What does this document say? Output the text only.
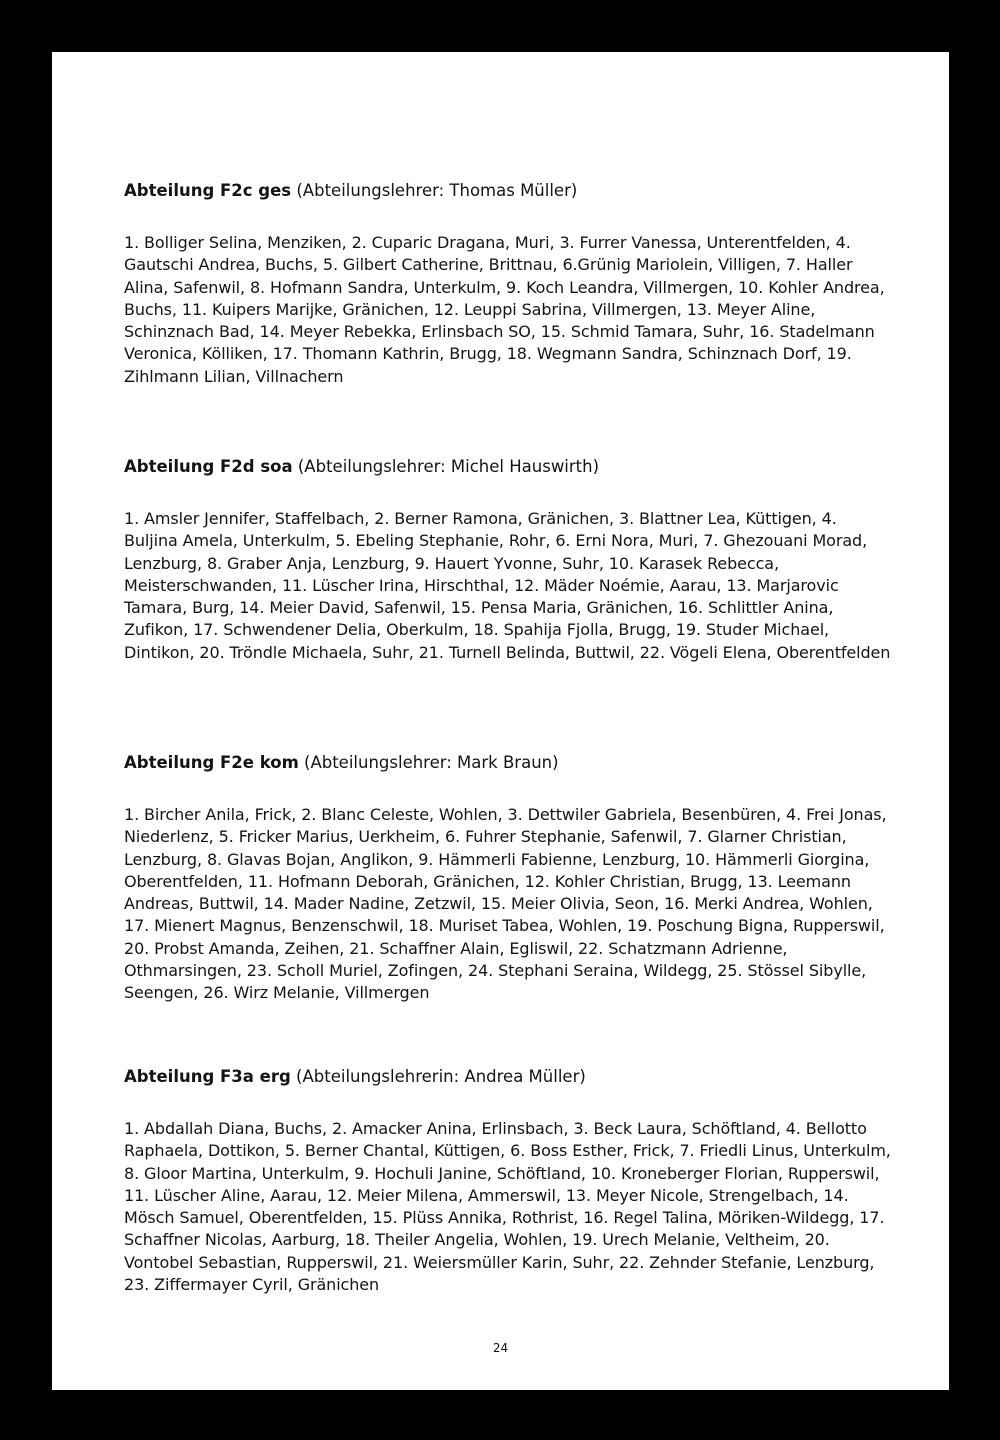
Abteilung F2c ges (Abteilungslehrer: Thomas Müller)

1. Bolliger Selina, Menziken, 2. Cuparic Dragana, Muri, 3. Furrer Vanessa, Unterentfelden, 4. Gautschi Andrea, Buchs, 5. Gilbert Catherine, Brittnau, 6.Grünig Mariolein, Villigen, 7. Haller Alina, Safenwil, 8. Hofmann Sandra, Unterkulm, 9. Koch Leandra, Villmergen, 10. Kohler Andrea, Buchs, 11. Kuipers Marijke, Gränichen, 12. Leuppi Sabrina, Villmergen, 13. Meyer Aline, Schinznach Bad, 14. Meyer Rebekka, Erlinsbach SO, 15. Schmid Tamara, Suhr, 16. Stadelmann Veronica, Kölliken, 17. Thomann Kathrin, Brugg, 18. Wegmann Sandra, Schinznach Dorf, 19. Zihlmann Lilian, Villnachern

Abteilung F2d soa (Abteilungslehrer: Michel Hauswirth)

1. Amsler Jennifer, Staffelbach, 2. Berner Ramona, Gränichen, 3. Blattner Lea, Küttigen, 4. Buljina Amela, Unterkulm, 5. Ebeling Stephanie, Rohr, 6. Erni Nora, Muri, 7. Ghezouani Morad, Lenzburg, 8. Graber Anja, Lenzburg, 9. Hauert Yvonne, Suhr, 10. Karasek Rebecca, Meisterschwanden, 11. Lüscher Irina, Hirschthal, 12. Mäder Noémie, Aarau, 13. Marjarovic Tamara, Burg, 14. Meier David, Safenwil, 15. Pensa Maria, Gränichen, 16. Schlittler Anina, Zufikon, 17. Schwendener Delia, Oberkulm, 18. Spahija Fjolla, Brugg, 19. Studer Michael, Dintikon, 20. Tröndle Michaela, Suhr, 21. Turnell Belinda, Buttwil, 22. Vögeli Elena, Oberentfelden

Abteilung F2e kom (Abteilungslehrer: Mark Braun)

1. Bircher Anila, Frick, 2. Blanc Celeste, Wohlen, 3. Dettwiler Gabriela, Besenbüren, 4. Frei Jonas, Niederlenz, 5. Fricker Marius, Uerkheim, 6. Fuhrer Stephanie, Safenwil, 7. Glarner Christian, Lenzburg, 8. Glavas Bojan, Anglikon, 9. Hämmerli Fabienne, Lenzburg, 10. Hämmerli Giorgina, Oberentfelden, 11. Hofmann Deborah, Gränichen, 12. Kohler Christian, Brugg, 13. Leemann Andreas, Buttwil, 14. Mader Nadine, Zetzwil, 15. Meier Olivia, Seon, 16. Merki Andrea, Wohlen, 17. Mienert Magnus, Benzenschwil, 18. Muriset Tabea, Wohlen, 19. Poschung Bigna, Rupperswil, 20. Probst Amanda, Zeihen, 21. Schaffner Alain, Egliswil, 22. Schatzmann Adrienne, Othmarsingen, 23. Scholl Muriel, Zofingen, 24. Stephani Seraina, Wildegg, 25. Stössel Sibylle, Seengen, 26. Wirz Melanie, Villmergen

Abteilung F3a erg (Abteilungslehrerin: Andrea Müller)

1. Abdallah Diana, Buchs, 2. Amacker Anina, Erlinsbach, 3. Beck Laura, Schöftland, 4. Bellotto Raphaela, Dottikon, 5. Berner Chantal, Küttigen, 6. Boss Esther, Frick, 7. Friedli Linus, Unterkulm, 8. Gloor Martina, Unterkulm, 9. Hochuli Janine, Schöftland, 10. Kroneberger Florian, Rupperswil, 11. Lüscher Aline, Aarau, 12. Meier Milena, Ammerswil, 13. Meyer Nicole, Strengelbach, 14. Mösch Samuel, Oberentfelden, 15. Plüss Annika, Rothrist, 16. Regel Talina, Möriken-Wildegg, 17. Schaffner Nicolas, Aarburg, 18. Theiler Angelia, Wohlen, 19. Urech Melanie, Veltheim, 20. Vontobel Sebastian, Rupperswil, 21. Weiersmüller Karin, Suhr, 22. Zehnder Stefanie, Lenzburg, 23. Ziffermayer Cyril, Gränichen

24
